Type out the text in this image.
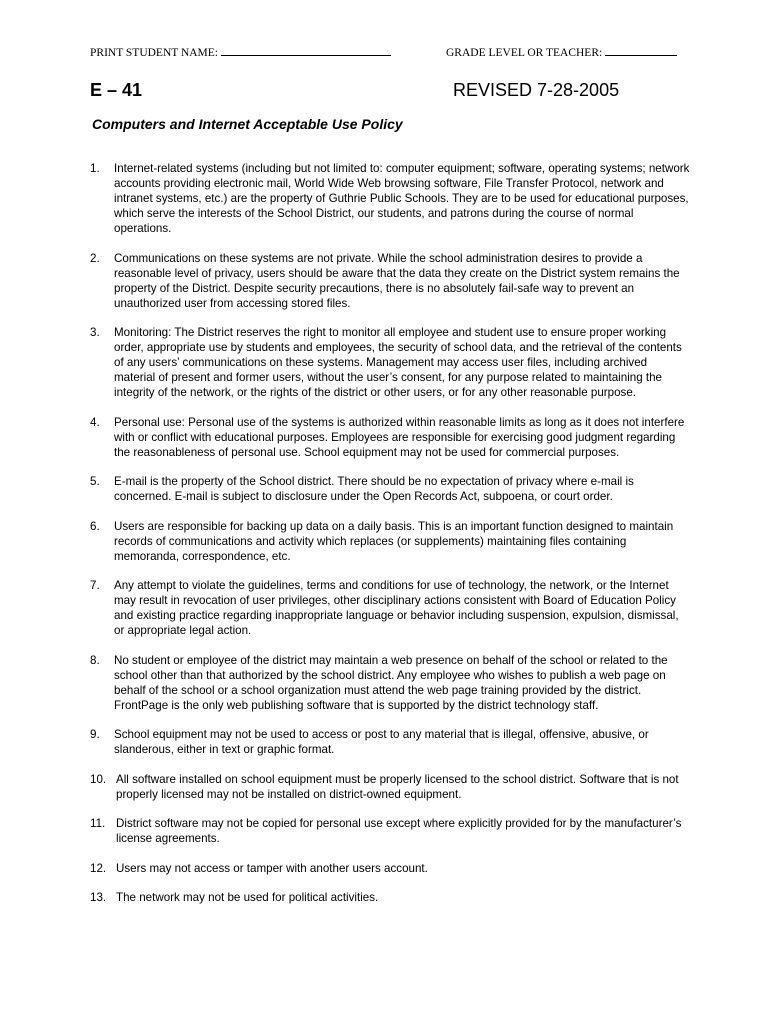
PRINT STUDENT NAME:	GRADE LEVEL OR TEACHER:
E – 41	REVISED 7-28-2005
Computers and Internet Acceptable Use Policy
1.	Internet-related systems (including but not limited to: computer equipment; software, operating systems; network accounts providing electronic mail, World Wide Web browsing software, File Transfer Protocol, network and intranet systems, etc.) are the property of Guthrie Public Schools. They are to be used for educational purposes, which serve the interests of the School District, our students, and patrons during the course of normal operations.
2.	Communications on these systems are not private. While the school administration desires to provide a reasonable level of privacy, users should be aware that the data they create on the District system remains the property of the District. Despite security precautions, there is no absolutely fail-safe way to prevent an unauthorized user from accessing stored files.
3.	Monitoring: The District reserves the right to monitor all employee and student use to ensure proper working order, appropriate use by students and employees, the security of school data, and the retrieval of the contents of any users’ communications on these systems. Management may access user files, including archived material of present and former users, without the user’s consent, for any purpose related to maintaining the integrity of the network, or the rights of the district or other users, or for any other reasonable purpose.
4.	Personal use: Personal use of the systems is authorized within reasonable limits as long as it does not interfere with or conflict with educational purposes. Employees are responsible for exercising good judgment regarding the reasonableness of personal use. School equipment may not be used for commercial purposes.
5.	E-mail is the property of the School district. There should be no expectation of privacy where e-mail is concerned. E-mail is subject to disclosure under the Open Records Act, subpoena, or court order.
6.	Users are responsible for backing up data on a daily basis. This is an important function designed to maintain records of communications and activity which replaces (or supplements) maintaining files containing memoranda, correspondence, etc.
7.	Any attempt to violate the guidelines, terms and conditions for use of technology, the network, or the Internet may result in revocation of user privileges, other disciplinary actions consistent with Board of Education Policy and existing practice regarding inappropriate language or behavior including suspension, expulsion, dismissal, or appropriate legal action.
8.	No student or employee of the district may maintain a web presence on behalf of the school or related to the school other than that authorized by the school district. Any employee who wishes to publish a web page on behalf of the school or a school organization must attend the web page training provided by the district. FrontPage is the only web publishing software that is supported by the district technology staff.
9.	School equipment may not be used to access or post to any material that is illegal, offensive, abusive, or slanderous, either in text or graphic format.
10. All software installed on school equipment must be properly licensed to the school district. Software that is not properly licensed may not be installed on district-owned equipment.
11. District software may not be copied for personal use except where explicitly provided for by the manufacturer’s license agreements.
12. Users may not access or tamper with another users account.
13. The network may not be used for political activities.
